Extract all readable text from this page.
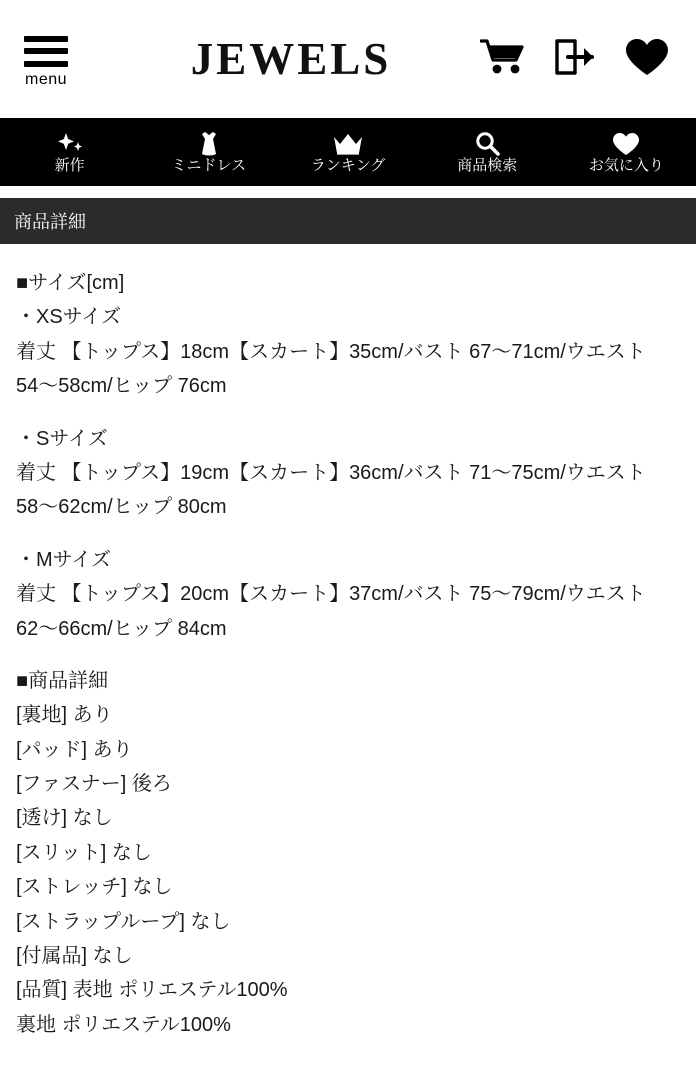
menu	JEWELS
新作	ミニドレス	ランキング	商品検索	お気に入り
商品詳細

■サイズ[cm]

・XSサイズ

着丈 【トップス】18cm【スカート】35cm/バスト 67〜71cm/ウエスト 54〜58cm/ヒップ 76cm

・Sサイズ

着丈 【トップス】19cm【スカート】36cm/バスト 71〜75cm/ウエスト 58〜62cm/ヒップ 80cm

・Mサイズ

着丈 【トップス】20cm【スカート】37cm/バスト 75〜79cm/ウエスト 62〜66cm/ヒップ 84cm

■商品詳細

[裏地] あり

[パッド] あり

[ファスナー] 後ろ

[透け] なし

[スリット] なし

[ストレッチ] なし

[ストラップループ] なし

[付属品] なし

[品質] 表地 ポリエステル100%

裏地 ポリエステル100%
